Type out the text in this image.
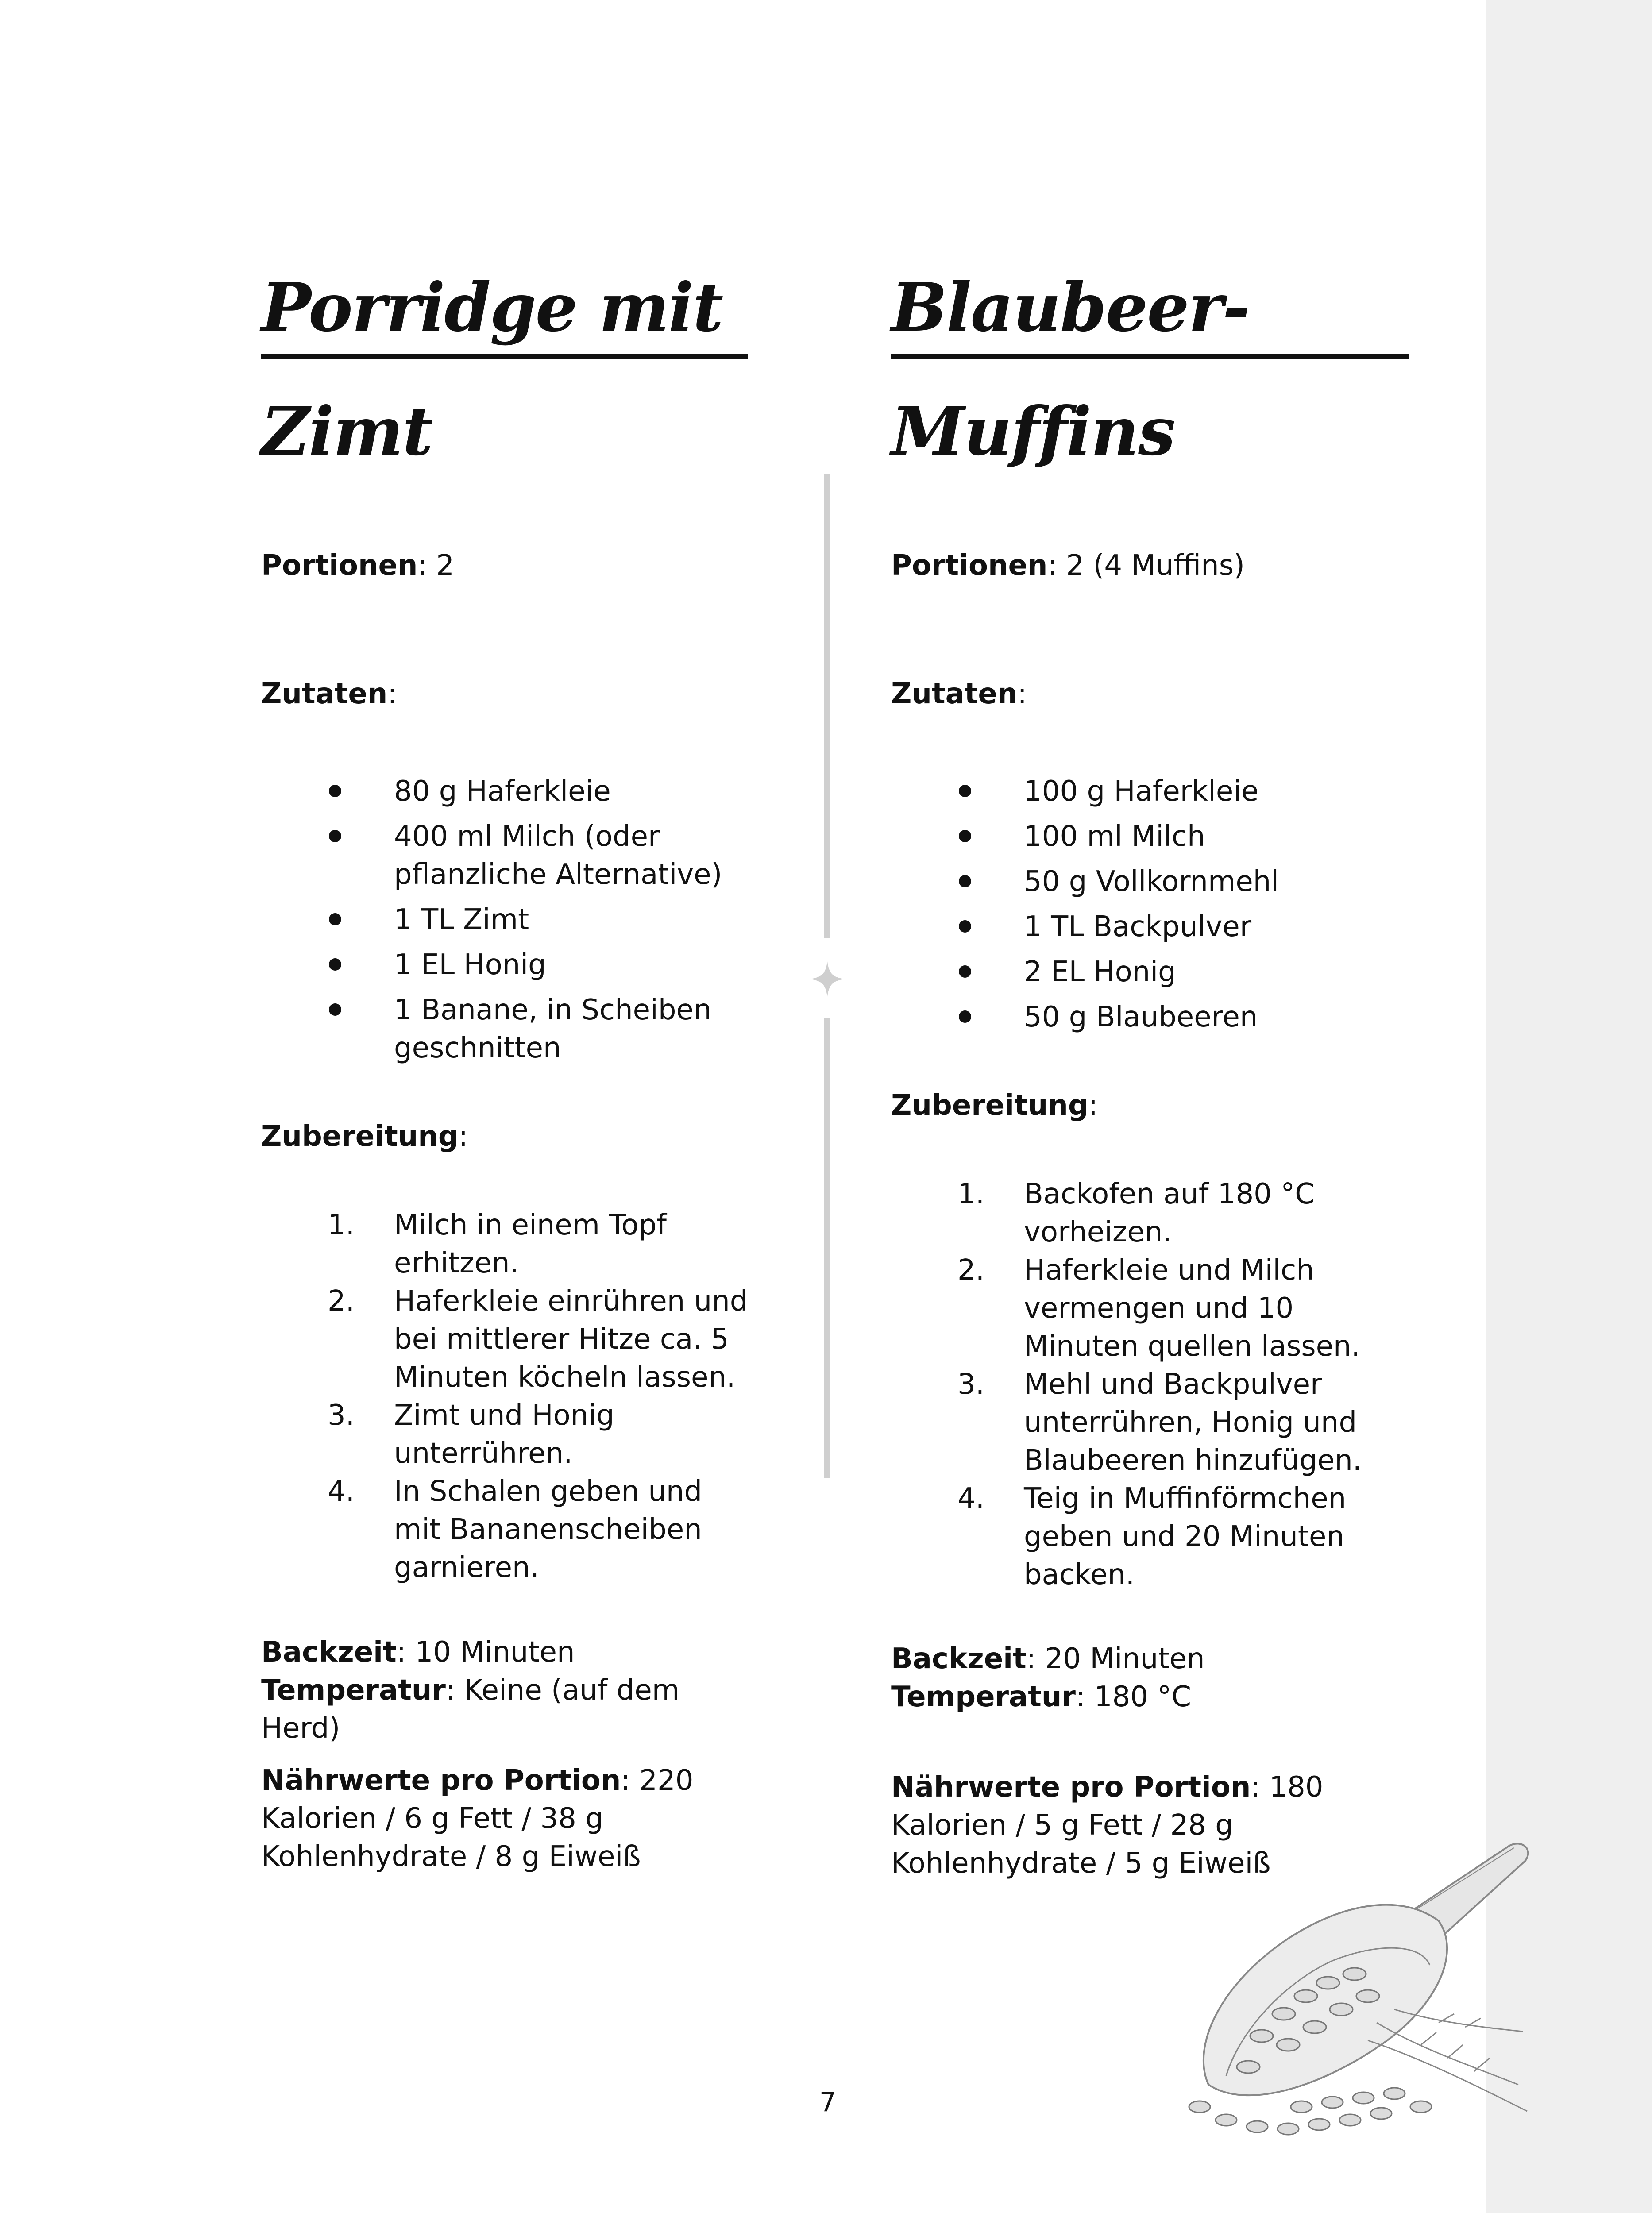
Porridge mit
Zimt

Portionen: 2

Zutaten:

80 g Haferkleie
400 ml Milch (oder pflanzliche Alternative)
1 TL Zimt
1 EL Honig
1 Banane, in Scheiben geschnitten

Zubereitung:

1. Milch in einem Topf erhitzen.
2. Haferkleie einrühren und bei mittlerer Hitze ca. 5 Minuten köcheln lassen.
3. Zimt und Honig unterrühren.
4. In Schalen geben und mit Bananenscheiben garnieren.

Backzeit: 10 Minuten
Temperatur: Keine (auf dem Herd)

Nährwerte pro Portion: 220 Kalorien / 6 g Fett / 38 g Kohlenhydrate / 8 g Eiweiß

Blaubeer-
Muffins

Portionen: 2 (4 Muffins)

Zutaten:

100 g Haferkleie
100 ml Milch
50 g Vollkornmehl
1 TL Backpulver
2 EL Honig
50 g Blaubeeren

Zubereitung:

1. Backofen auf 180 °C vorheizen.
2. Haferkleie und Milch vermengen und 10 Minuten quellen lassen.
3. Mehl und Backpulver unterrühren, Honig und Blaubeeren hinzufügen.
4. Teig in Muffinförmchen geben und 20 Minuten backen.

Backzeit: 20 Minuten
Temperatur: 180 °C

Nährwerte pro Portion: 180 Kalorien / 5 g Fett / 28 g Kohlenhydrate / 5 g Eiweiß

7
